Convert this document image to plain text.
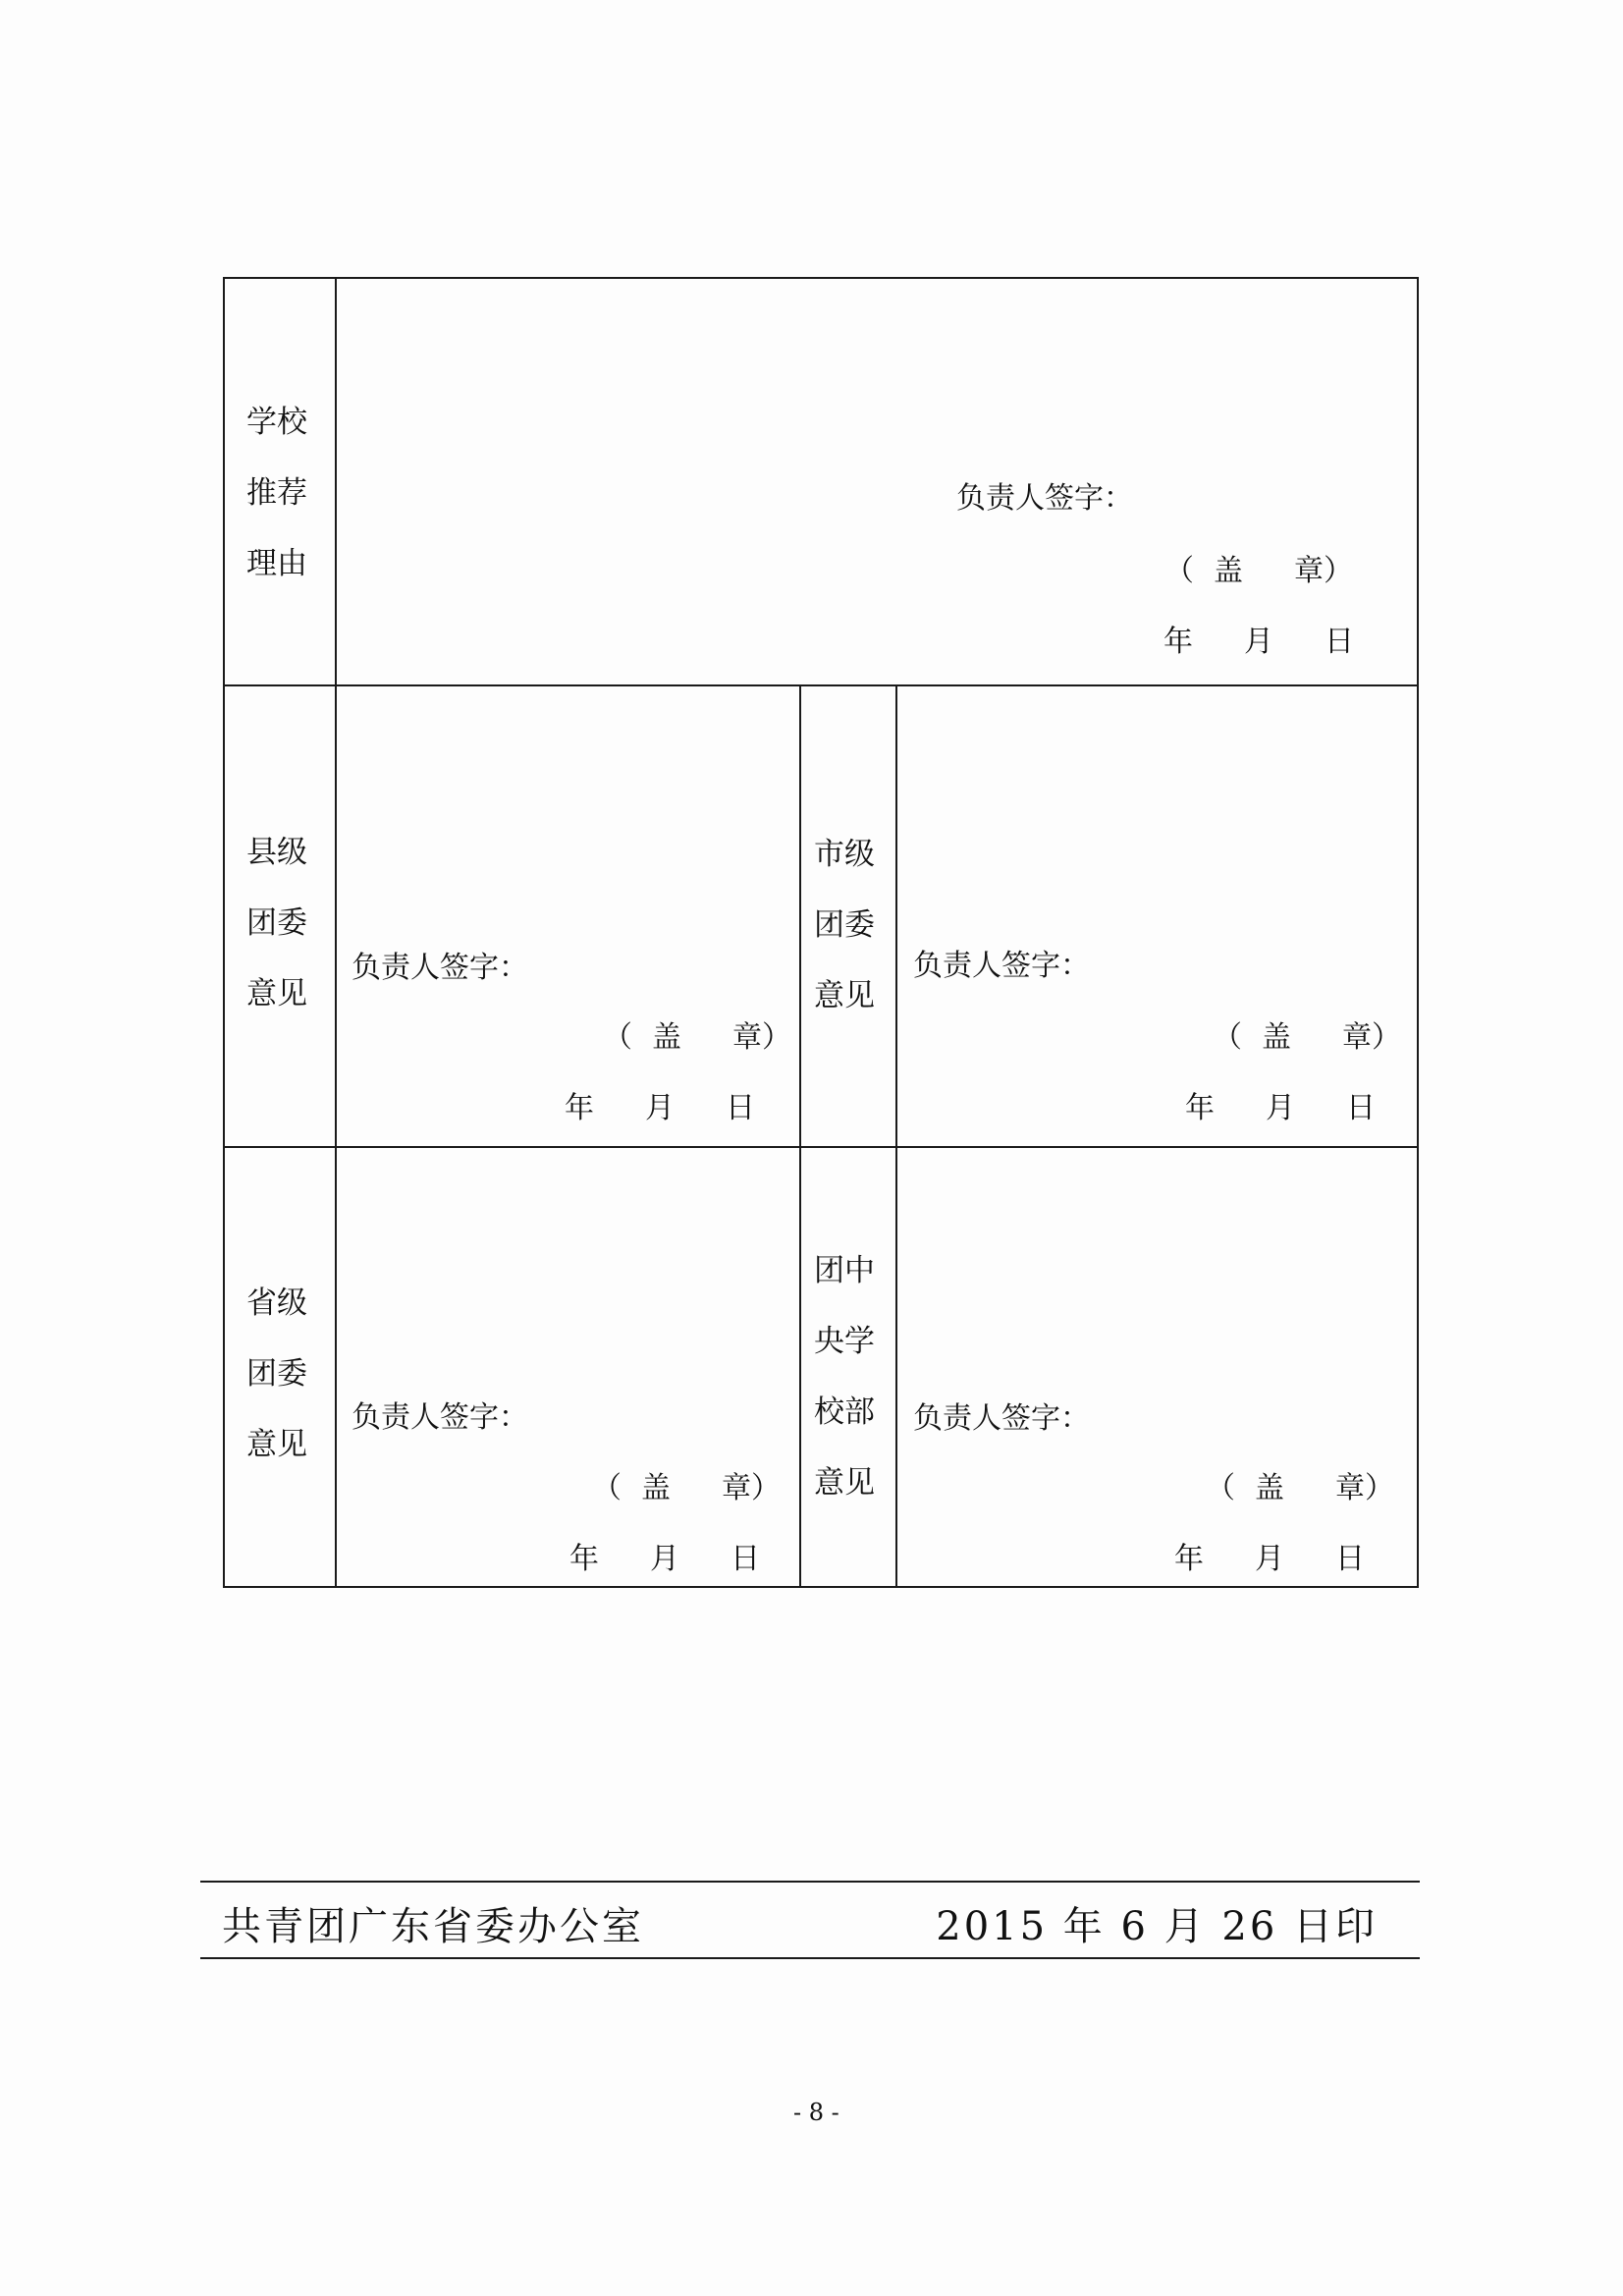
学校
推荐
理由
负责人签字：
（ 盖 章）
年 月 日
县级
团委
意见
负责人签字：
（ 盖 章）
年 月 日
市级
团委
意见
负责人签字：
（ 盖 章）
年 月 日
省级
团委
意见
负责人签字：
（ 盖 章）
年 月 日
团中
央学
校部
意见
负责人签字：
（ 盖 章）
年 月 日
共青团广东省委办公室	2015 年 6 月 26 日印
- 8 -
